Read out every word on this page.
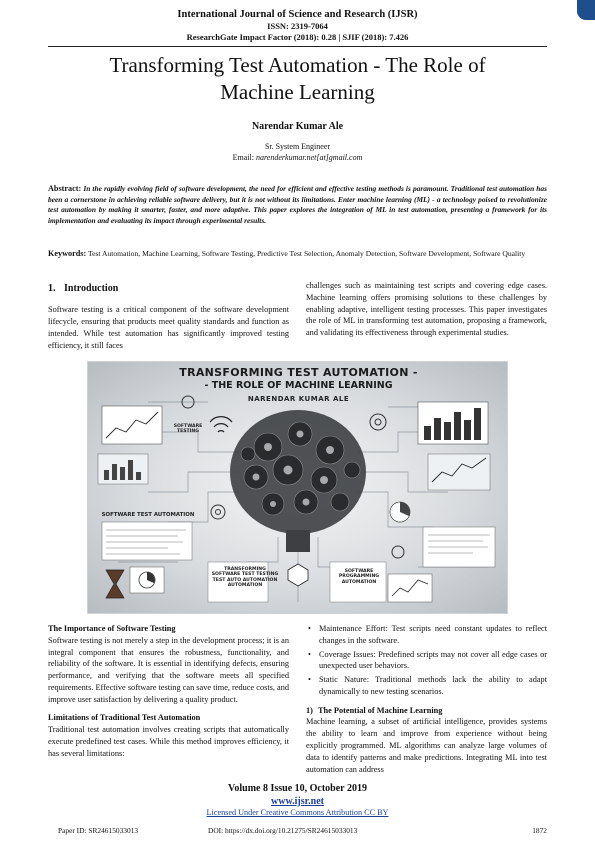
International Journal of Science and Research (IJSR)
ISSN: 2319-7064
ResearchGate Impact Factor (2018): 0.28 | SJIF (2018): 7.426
Transforming Test Automation - The Role of
Machine Learning
Narendar Kumar Ale
Sr. System Engineer
Email: narenderkumar.net[at]gmail.com
Abstract: In the rapidly evolving field of software development, the need for efficient and effective testing methods is paramount. Traditional test automation has been a cornerstone in achieving reliable software delivery, but it is not without its limitations. Enter machine learning (ML) - a technology poised to revolutionize test automation by making it smarter, faster, and more adaptive. This paper explores the integration of ML in test automation, presenting a framework for its implementation and evaluating its impact through experimental results.
Keywords: Test Automation, Machine Learning, Software Testing, Predictive Test Selection, Anomaly Detection, Software Development, Software Quality
1. Introduction

Software testing is a critical component of the software development lifecycle, ensuring that products meet quality standards and function as intended. While test automation has significantly improved testing efficiency, it still faces

challenges such as maintaining test scripts and covering edge cases. Machine learning offers promising solutions to these challenges by enabling adaptive, intelligent testing processes. This paper investigates the role of ML in transforming test automation, proposing a framework, and validating its effectiveness through experimental studies.

TRANSFORMING TEST AUTOMATION -
- THE ROLE OF MACHINE LEARNING
NARENDAR KUMAR ALE
SOFTWARE TESTING
SOFTWARE TEST AUTOMATION
TRANSFORMING SOFTWARE TEST TESTING TEST AUTO AUTOMATION AUTOMATION
SOFTWARE PROGRAMMING AUTOMATION
The Importance of Software Testing

Software testing is not merely a step in the development process; it is an integral component that ensures the robustness, functionality, and reliability of the software. It is essential in identifying defects, ensuring performance, and verifying that the software meets all specified requirements. Effective software testing can save time, reduce costs, and improve user satisfaction by delivering a quality product.

Limitations of Traditional Test Automation

Traditional test automation involves creating scripts that automatically execute predefined test cases. While this method improves efficiency, it has several limitations:

• Maintenance Effort: Test scripts need constant updates to reflect changes in the software.
• Coverage Issues: Predefined scripts may not cover all edge cases or unexpected user behaviors.
• Static Nature: Traditional methods lack the ability to adapt dynamically to new testing scenarios.
1) The Potential of Machine Learning

Machine learning, a subset of artificial intelligence, provides systems the ability to learn and improve from experience without being explicitly programmed. ML algorithms can analyze large volumes of data to identify patterns and make predictions. Integrating ML into test automation can address

Volume 8 Issue 10, October 2019
www.ijsr.net
Licensed Under Creative Commons Attribution CC BY
Paper ID: SR24615033013	DOI: https://dx.doi.org/10.21275/SR24615033013	1872
